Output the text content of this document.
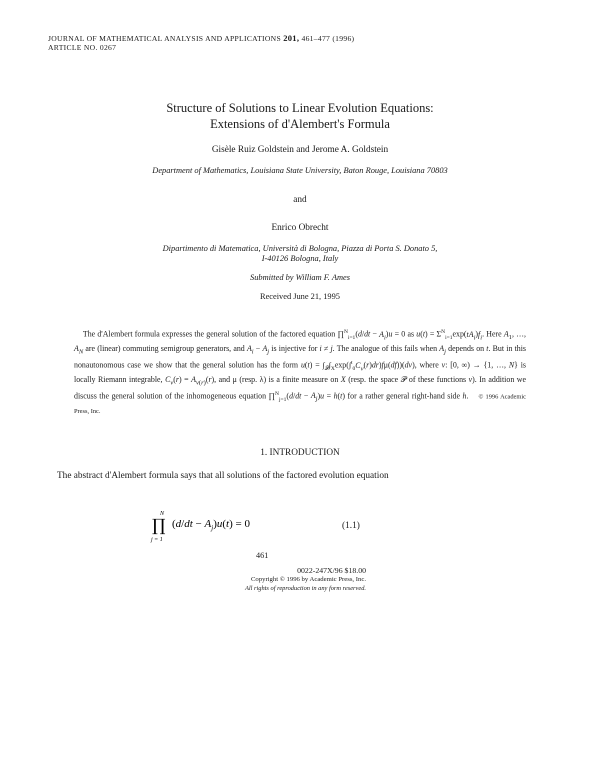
JOURNAL OF MATHEMATICAL ANALYSIS AND APPLICATIONS 201, 461–477 (1996)
ARTICLE NO. 0267
Structure of Solutions to Linear Evolution Equations:
Extensions of d'Alembert's Formula
Gisèle Ruiz Goldstein and Jerome A. Goldstein
Department of Mathematics, Louisiana State University, Baton Rouge, Louisiana 70803
and
Enrico Obrecht
Dipartimento di Matematica, Università di Bologna, Piazza di Porta S. Donato 5,
I-40126 Bologna, Italy
Submitted by William F. Ames
Received June 21, 1995
The d'Alembert formula expresses the general solution of the factored equation ∏$^N_{i=1}$(d/dt − $A_i)u = 0$ as $u(t) = \Sigma^N_{i=1}\exp(tA_i)f_i$. Here $A_1$, …, $A_N$ are (linear) commuting semigroup generators, and $A_i - A_j$ is injective for i ≠ j. The analogue of this fails when $A_j$ depends on t. But in this nonautonomous case we show that the general solution has the form $u(t) = \int_𝒫\int_X\exp(\int^t_0C_v(r)dr)f\mu(df))(dv)$, where v: [0, ∞) → {1, …, N} is locally Riemann integrable, $C_v(r) = A_{v(r)}(r)$, and μ (resp. λ) is a finite measure on X (resp. the space 𝒫 of these functions v). In addition we discuss the general solution of the inhomogeneous equation ∏$^N_{j=1}$(d/dt − $A_j)u = h(t)$ for a rather general right-hand side h.    © 1996 Academic Press, Inc.
1. INTRODUCTION
The abstract d'Alembert formula says that all solutions of the factored evolution equation
N
∏
j = 1
$(d/dt - A_j)u(t) = 0$	(1.1)
461
0022-247X/96 $18.00
Copyright © 1996 by Academic Press, Inc.
All rights of reproduction in any form reserved.
